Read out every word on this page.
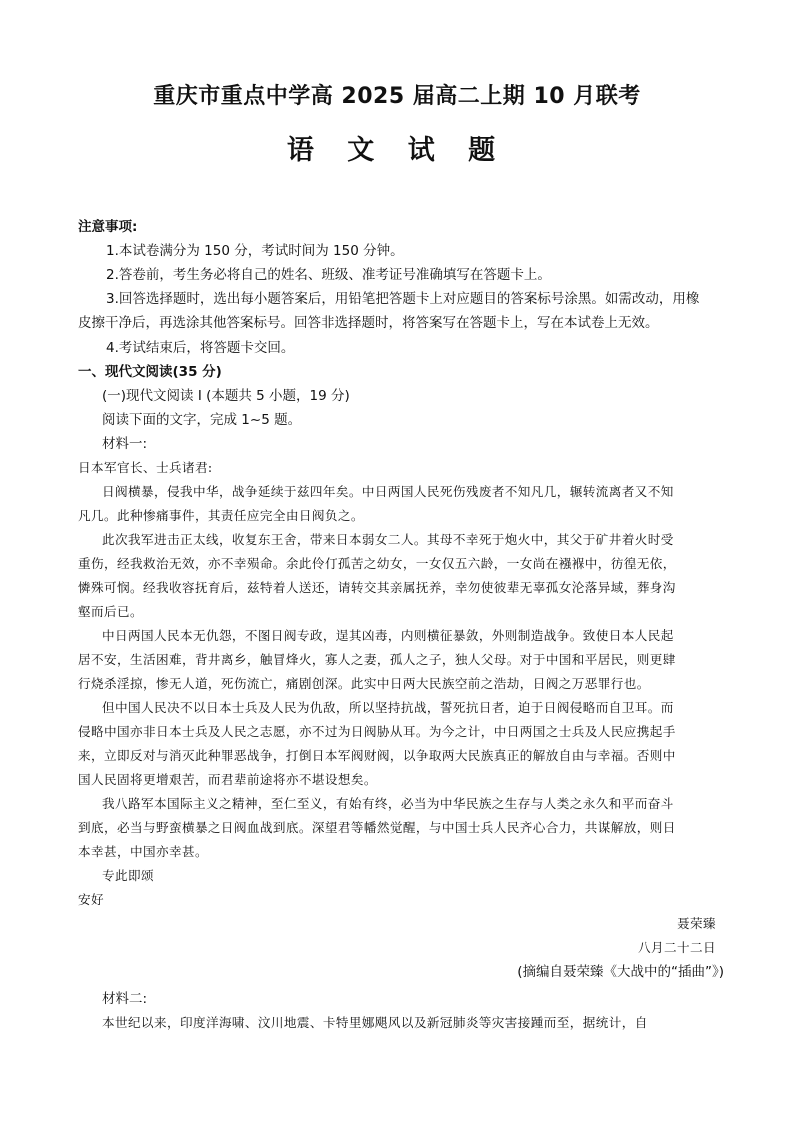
重庆市重点中学高 2025 届高二上期 10 月联考
语 文 试 题
注意事项:
1.本试卷满分为 150 分，考试时间为 150 分钟。
2.答卷前，考生务必将自己的姓名、班级、准考证号准确填写在答题卡上。
3.回答选择题时，选出每小题答案后，用铅笔把答题卡上对应题目的答案标号涂黑。如需改动，用橡
皮擦干净后，再选涂其他答案标号。回答非选择题时，将答案写在答题卡上，写在本试卷上无效。
4.考试结束后，将答题卡交回。
一、现代文阅读(35 分)
(一)现代文阅读 I (本题共 5 小题，19 分)
阅读下面的文字，完成 1~5 题。
材料一:
日本军官长、士兵诸君:
日阀横暴，侵我中华，战争延续于兹四年矣。中日两国人民死伤残废者不知凡几，辗转流离者又不知
凡几。此种惨痛事件，其责任应完全由日阀负之。
此次我军进击正太线，收复东王舍，带来日本弱女二人。其母不幸死于炮火中，其父于矿井着火时受
重伤，经我救治无效，亦不幸殒命。余此伶仃孤苦之幼女，一女仅五六龄，一女尚在襁褓中，彷徨无依，
憐殊可悯。经我收容抚育后，兹特着人送还，请转交其亲属抚养，幸勿使彼辈无辜孤女沦落异域，葬身沟
壑而后已。
中日两国人民本无仇怨，不图日阀专政，逞其凶毒，内则横征暴敛，外则制造战争。致使日本人民起
居不安，生活困难，背井离乡，触冒烽火，寡人之妻，孤人之子，独人父母。对于中国和平居民，则更肆
行烧杀淫掠，惨无人道，死伤流亡，痛剧创深。此实中日两大民族空前之浩劫，日阀之万恶罪行也。
但中国人民决不以日本士兵及人民为仇敌，所以坚持抗战，誓死抗日者，迫于日阀侵略而自卫耳。而
侵略中国亦非日本士兵及人民之志愿，亦不过为日阀胁从耳。为今之计，中日两国之士兵及人民应携起手
来，立即反对与消灭此种罪恶战争，打倒日本军阀财阀，以争取两大民族真正的解放自由与幸福。否则中
国人民固将更增艰苦，而君辈前途将亦不堪设想矣。
我八路军本国际主义之精神，至仁至义，有始有终，必当为中华民族之生存与人类之永久和平而奋斗
到底，必当与野蛮横暴之日阀血战到底。深望君等幡然觉醒，与中国士兵人民齐心合力，共谋解放，则日
本幸甚，中国亦幸甚。
专此即颂
安好
聂荣臻
八月二十二日
(摘编自聂荣臻《大战中的“插曲”》)
材料二:
本世纪以来，印度洋海啸、汶川地震、卡特里娜飓风以及新冠肺炎等灾害接踵而至，据统计，自
